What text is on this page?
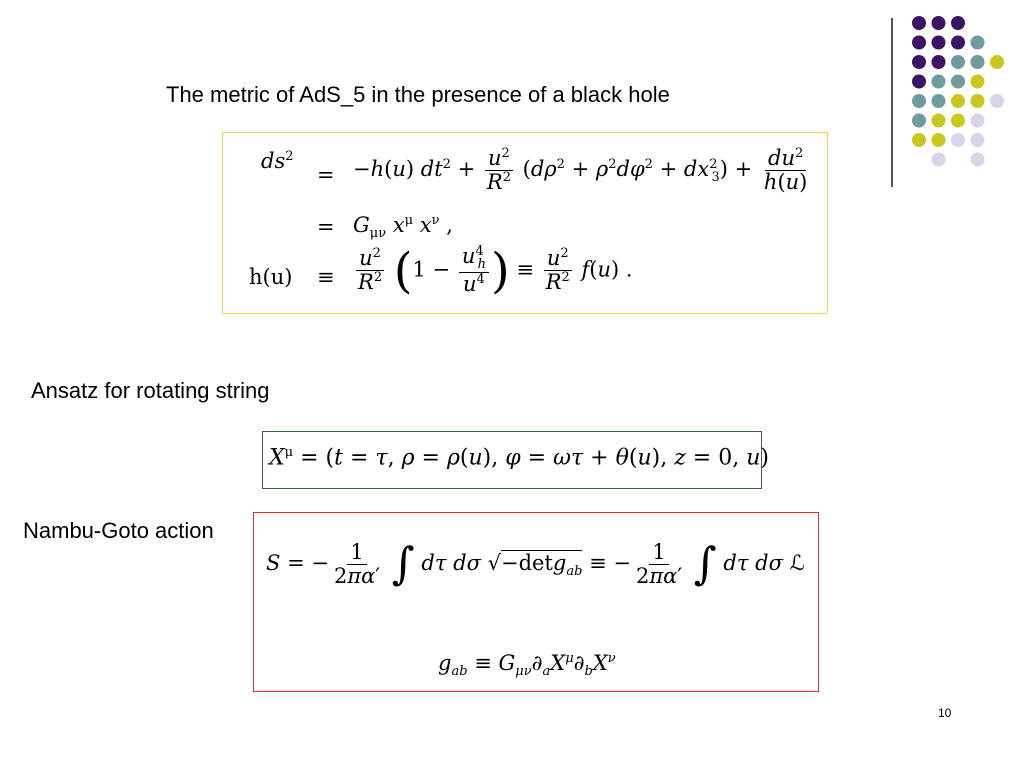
The metric of AdS_5 in the presence of a black hole
$ds^2$
= −h(u) $dt^2 + \frac{u^2}{R^2} (d\rho^2 + \rho^2d\varphi^2 + dx^2_3) + \frac{du^2}{h(u)}$
= $G_{\mu\nu}$ $x^\mu$ $x^\nu$ ,
$h(u) \equiv \frac{u^2}{R^2} (1 - \frac{u^4_h}{u^4}$ ) ≡ $\frac{u^2}{R^2} f(u)$ .
Ansatz for rotating string
$X^\mu = (t = \tau$, ρ = ρ(u), φ = ωτ + θ(u), z = 0, u)
Nambu-Goto action
S = − $\frac{1}{2\pi\alpha'}$ ∫ dτ dσ √−detg$_{ab}$ ≡ − $\frac{1}{2\pi\alpha'}$ ∫ dτ dσ ℒ
$g_{ab} \equiv G_{\mu\nu}\partial_aX^\mu\partial_bX^\nu$
10
